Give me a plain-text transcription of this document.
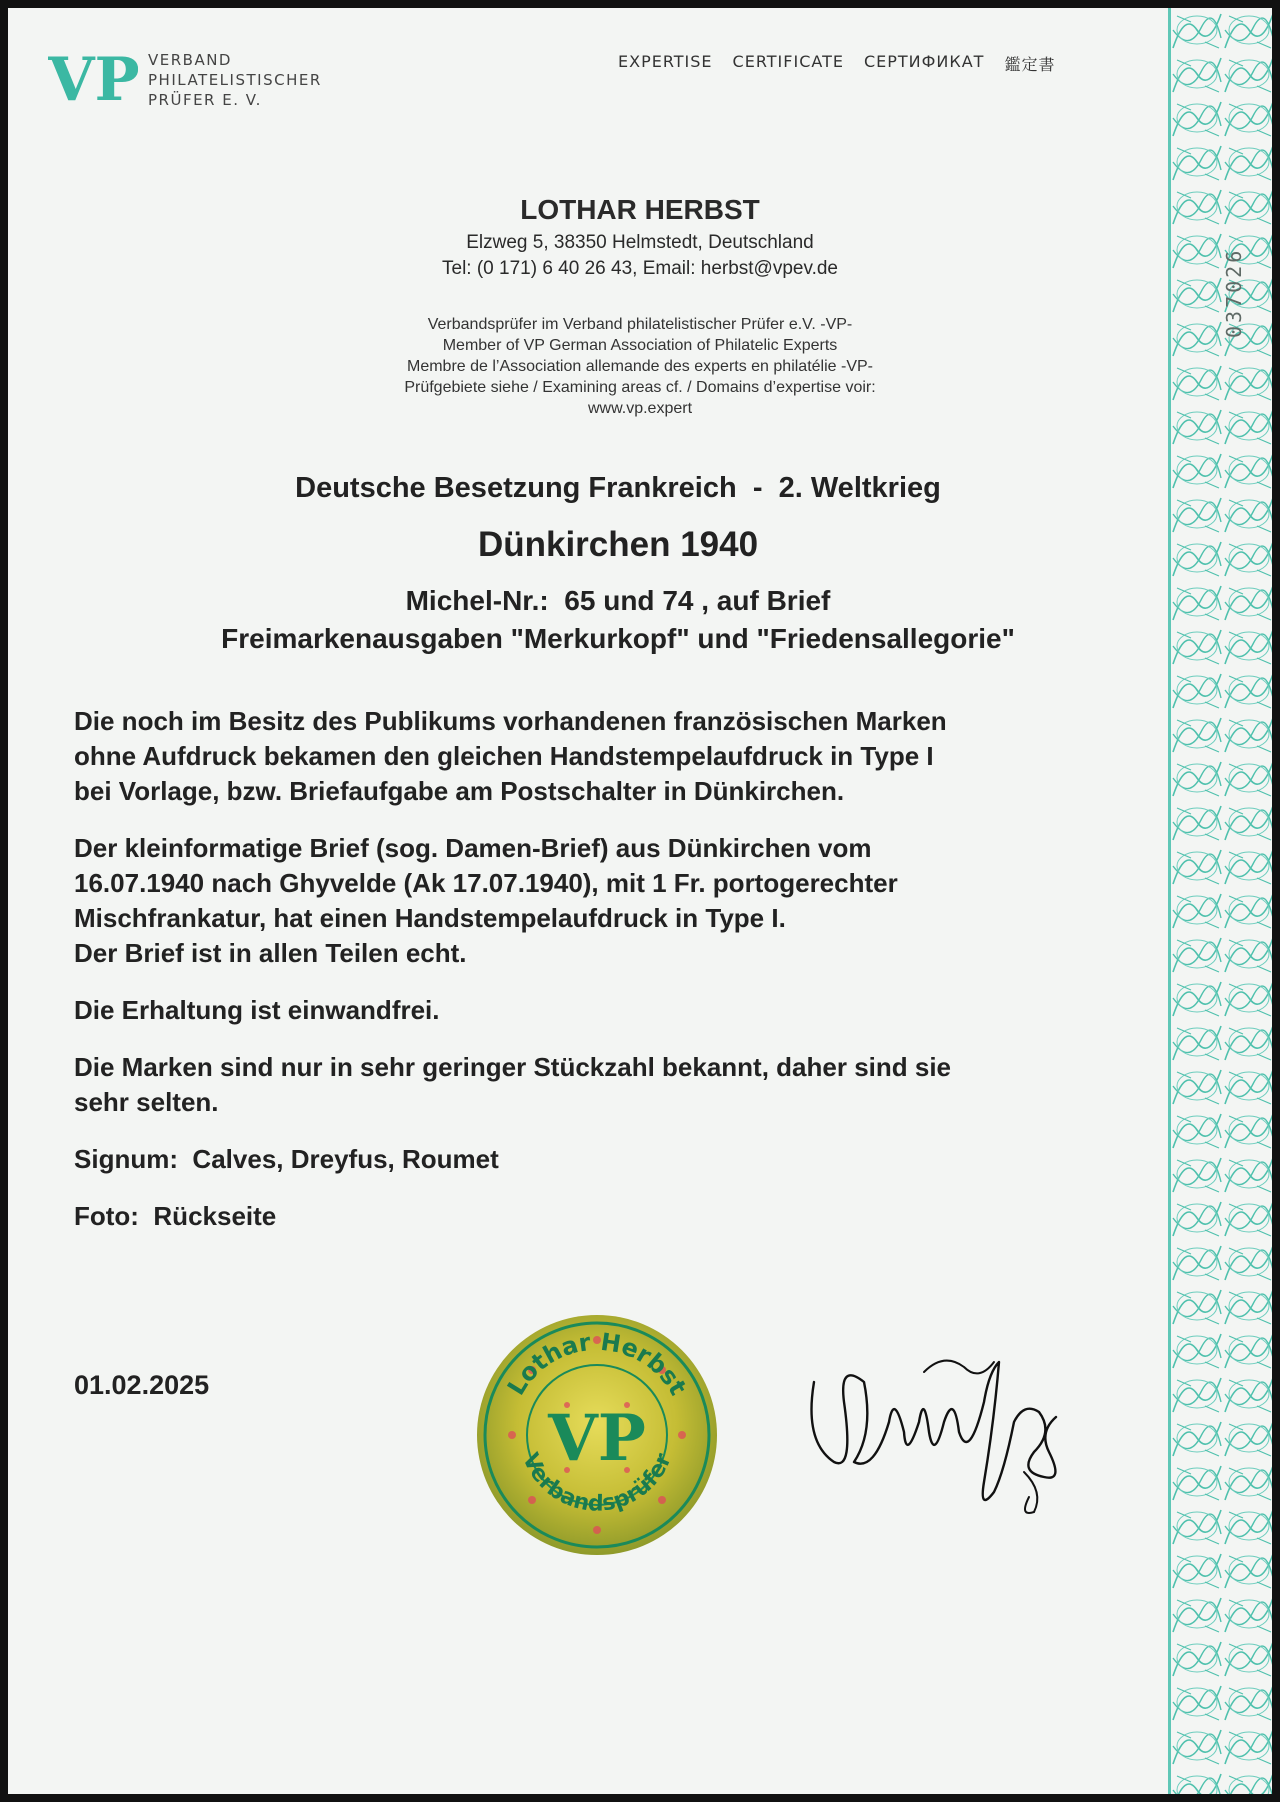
037026
VP VERBAND
PHILATELISTISCHER
PRÜFER E. V.
EXPERTISE CERTIFICATE СЕРТИФИКАТ 鑑定書
LOTHAR HERBST
Elzweg 5, 38350 Helmstedt, Deutschland
Tel: (0 171) 6 40 26 43, Email: herbst@vpev.de
Verbandsprüfer im Verband philatelistischer Prüfer e.V. -VP-
Member of VP German Association of Philatelic Experts
Membre de l’Association allemande des experts en philatélie -VP-
Prüfgebiete siehe / Examining areas cf. / Domains d’expertise voir:
www.vp.expert
Deutsche Besetzung Frankreich  -  2. Weltkrieg
Dünkirchen 1940
Michel-Nr.:  65 und 74 , auf Brief
Freimarkenausgaben "Merkurkopf" und "Friedensallegorie"

Die noch im Besitz des Publikums vorhandenen französischen Marken
ohne Aufdruck bekamen den gleichen Handstempelaufdruck in Type I
bei Vorlage, bzw. Briefaufgabe am Postschalter in Dünkirchen.

Der kleinformatige Brief (sog. Damen-Brief) aus Dünkirchen vom
16.07.1940 nach Ghyvelde (Ak 17.07.1940), mit 1 Fr. portogerechter
Mischfrankatur, hat einen Handstempelaufdruck in Type I.
Der Brief ist in allen Teilen echt.

Die Erhaltung ist einwandfrei.

Die Marken sind nur in sehr geringer Stückzahl bekannt, daher sind sie
sehr selten.

Signum:  Calves, Dreyfus, Roumet

Foto:  Rückseite

01.02.2025	Lothar Herbst
Verbandsprüfer
VP
